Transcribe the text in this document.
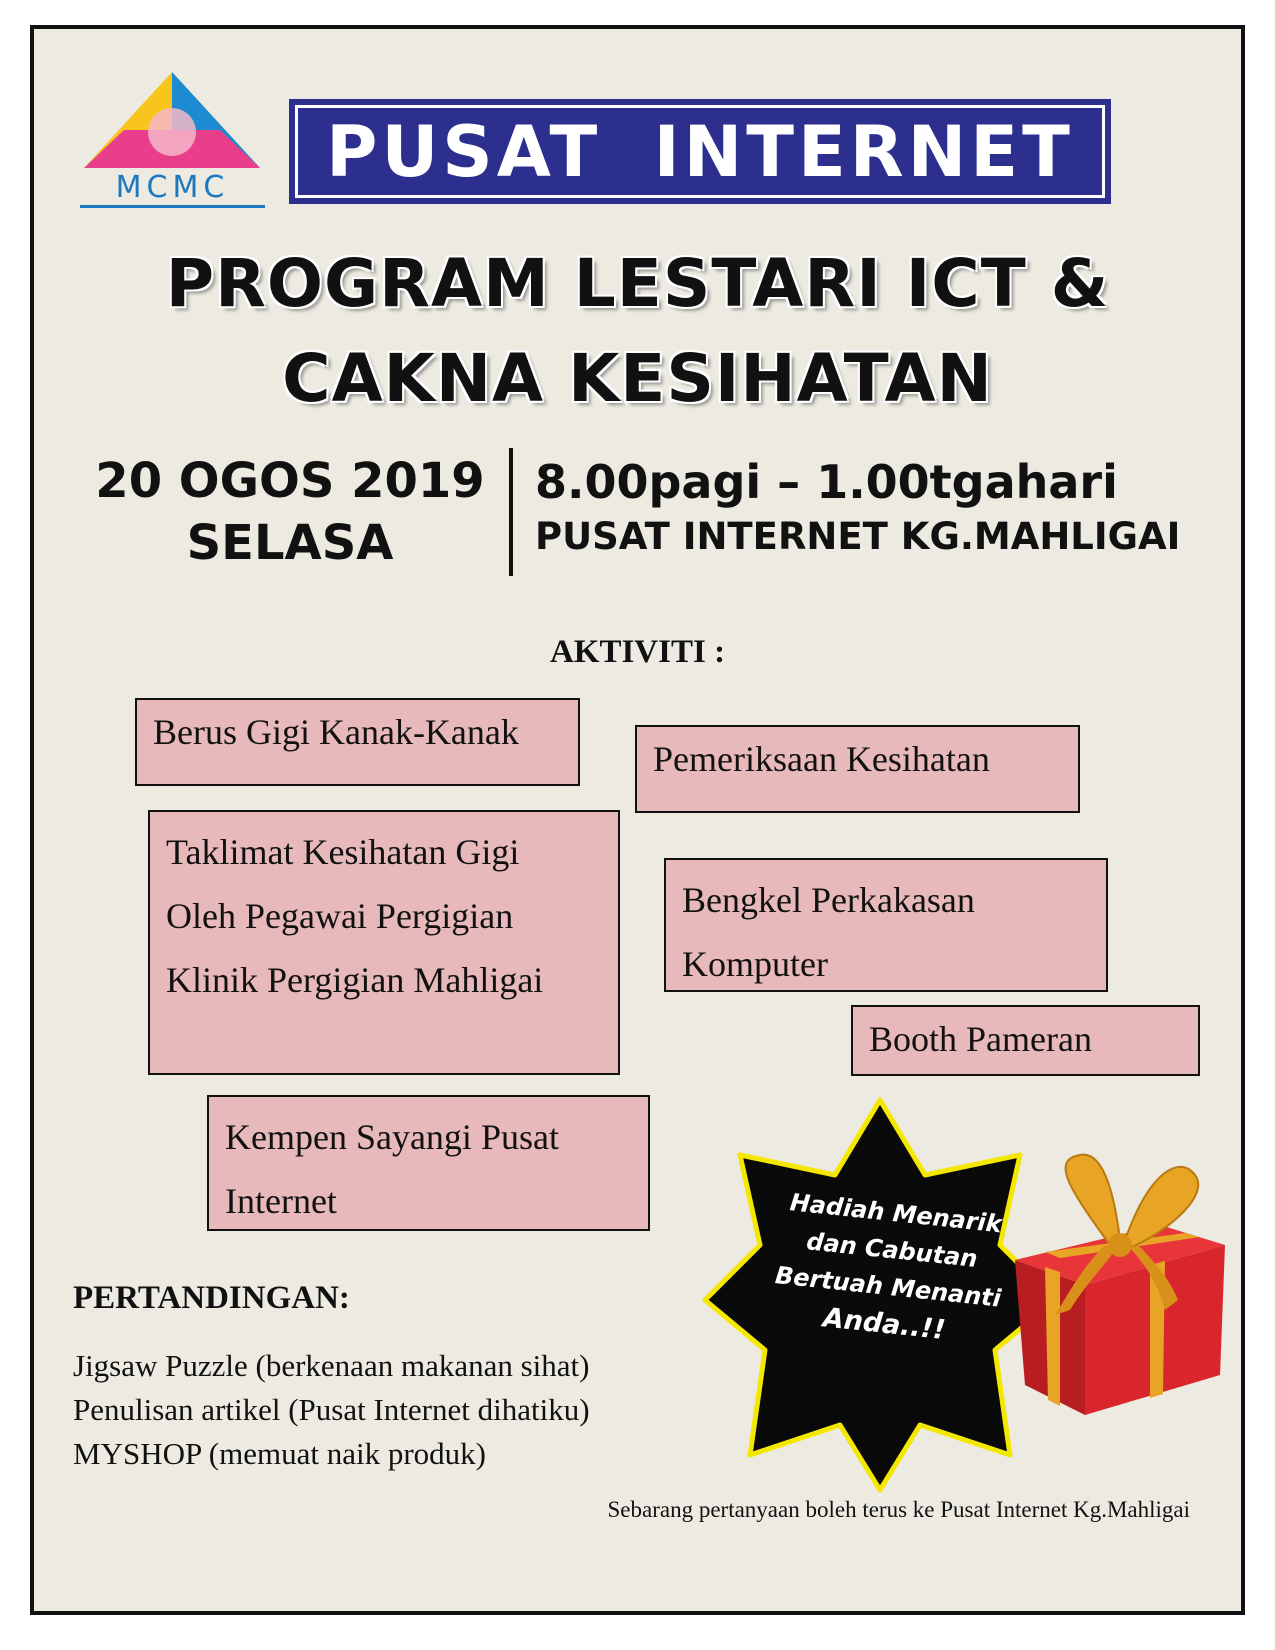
MCMC	PUSAT INTERNET
PROGRAM LESTARI ICT &
CAKNA KESIHATAN
20 OGOS 2019
SELASA
8.00pagi – 1.00tgahari
PUSAT INTERNET KG.MAHLIGAI
AKTIVITI :
Berus Gigi Kanak-Kanak
Pemeriksaan Kesihatan
Taklimat Kesihatan Gigi
Oleh Pegawai Pergigian
Klinik Pergigian Mahligai
Bengkel Perkakasan
Komputer
Booth Pameran
Kempen Sayangi Pusat
Internet
PERTANDINGAN:
Jigsaw Puzzle (berkenaan makanan sihat)
Penulisan artikel (Pusat Internet dihatiku)
MYSHOP (memuat naik produk)
Hadiah Menarik
dan Cabutan
Bertuah Menanti
Anda..!!
Sebarang pertanyaan boleh terus ke Pusat Internet Kg.Mahligai
